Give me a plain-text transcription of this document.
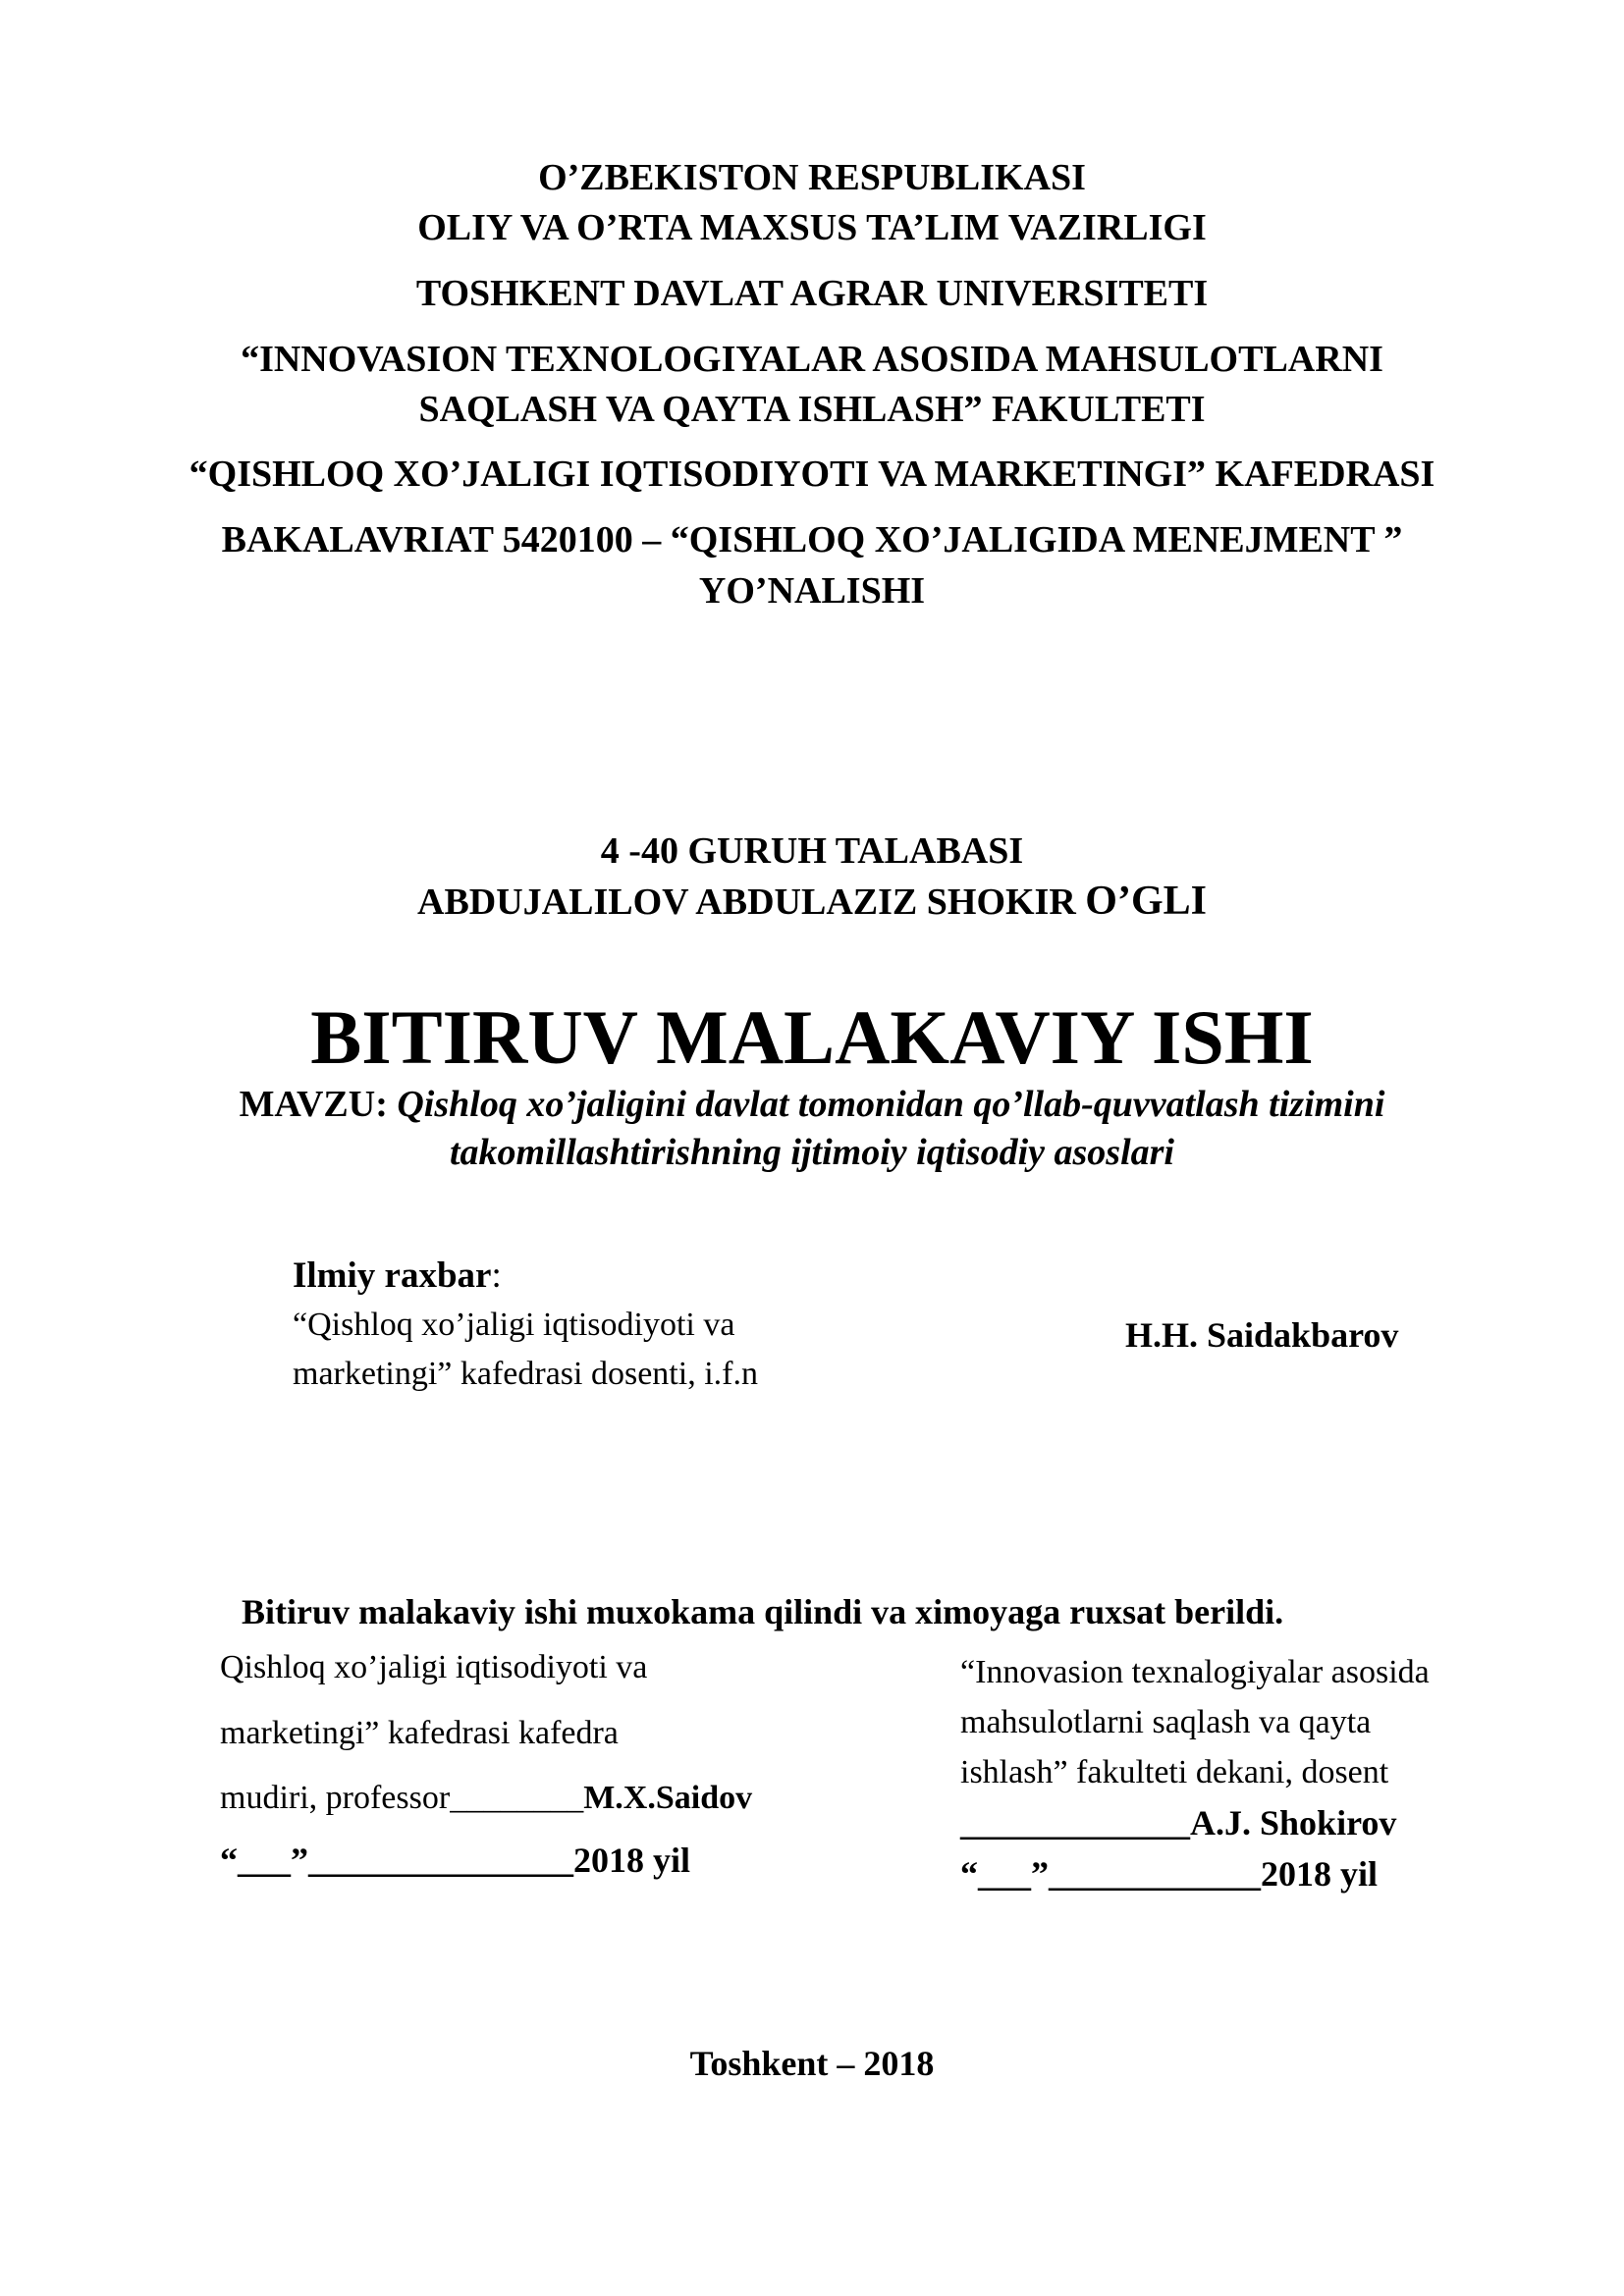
O’ZBEKISTON RESPUBLIKASI
OLIY VA O’RTA MAXSUS TA’LIM VAZIRLIGI
TOSHKENT DAVLAT AGRAR UNIVERSITETI
“INNOVASION TEXNOLOGIYALAR ASOSIDA MAHSULOTLARNI
SAQLASH VA QAYTA ISHLASH” FAKULTETI
“QISHLOQ XO’JALIGI IQTISODIYOTI VA MARKETINGI” KAFEDRASI
BAKALAVRIAT 5420100 – “QISHLOQ XO’JALIGIDA MENEJMENT ”
YO’NALISHI
4 -40 GURUH TALABASI
ABDUJALILOV ABDULAZIZ SHOKIR O’GLI
BITIRUV MALAKAVIY ISHI
MAVZU: Qishloq xo’jaligini davlat tomonidan qo’llab-quvvatlash tizimini
takomillashtirishning ijtimoiy iqtisodiy asoslari
Ilmiy raxbar:
“Qishloq xo’jaligi iqtisodiyoti va
marketingi” kafedrasi dosenti, i.f.n
H.H. Saidakbarov
Bitiruv malakaviy ishi muxokama qilindi va ximoyaga ruxsat berildi.
Qishloq xo’jaligi iqtisodiyoti va
marketingi” kafedrasi kafedra
mudiri, professor________M.X.Saidov
“___”_______________2018 yil
“Innovasion texnalogiyalar asosida
mahsulotlarni saqlash va qayta
ishlash” fakulteti dekani, dosent
_____________A.J. Shokirov
“___”____________2018 yil
Toshkent – 2018
